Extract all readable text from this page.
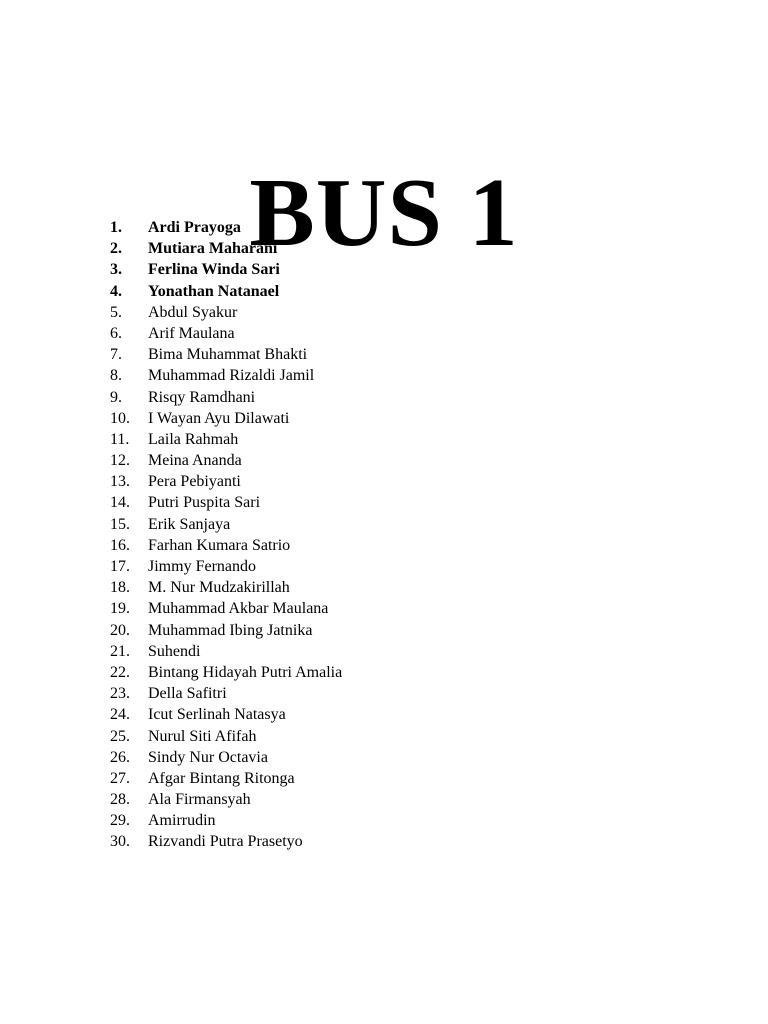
BUS 1
1.	Ardi Prayoga
2.	Mutiara Maharani
3.	Ferlina Winda Sari
4.	Yonathan Natanael
5.	Abdul Syakur
6.	Arif Maulana
7.	Bima Muhammat Bhakti
8.	Muhammad Rizaldi Jamil
9.	Risqy Ramdhani
10.	I Wayan Ayu Dilawati
11.	Laila Rahmah
12.	Meina Ananda
13.	Pera Pebiyanti
14.	Putri Puspita Sari
15.	Erik Sanjaya
16.	Farhan Kumara Satrio
17.	Jimmy Fernando
18.	M. Nur Mudzakirillah
19.	Muhammad Akbar Maulana
20.	Muhammad Ibing Jatnika
21.	Suhendi
22.	Bintang Hidayah Putri Amalia
23.	Della Safitri
24.	Icut Serlinah Natasya
25.	Nurul Siti Afifah
26.	Sindy Nur Octavia
27.	Afgar Bintang Ritonga
28.	Ala Firmansyah
29.	Amirrudin
30.	Rizvandi Putra Prasetyo
